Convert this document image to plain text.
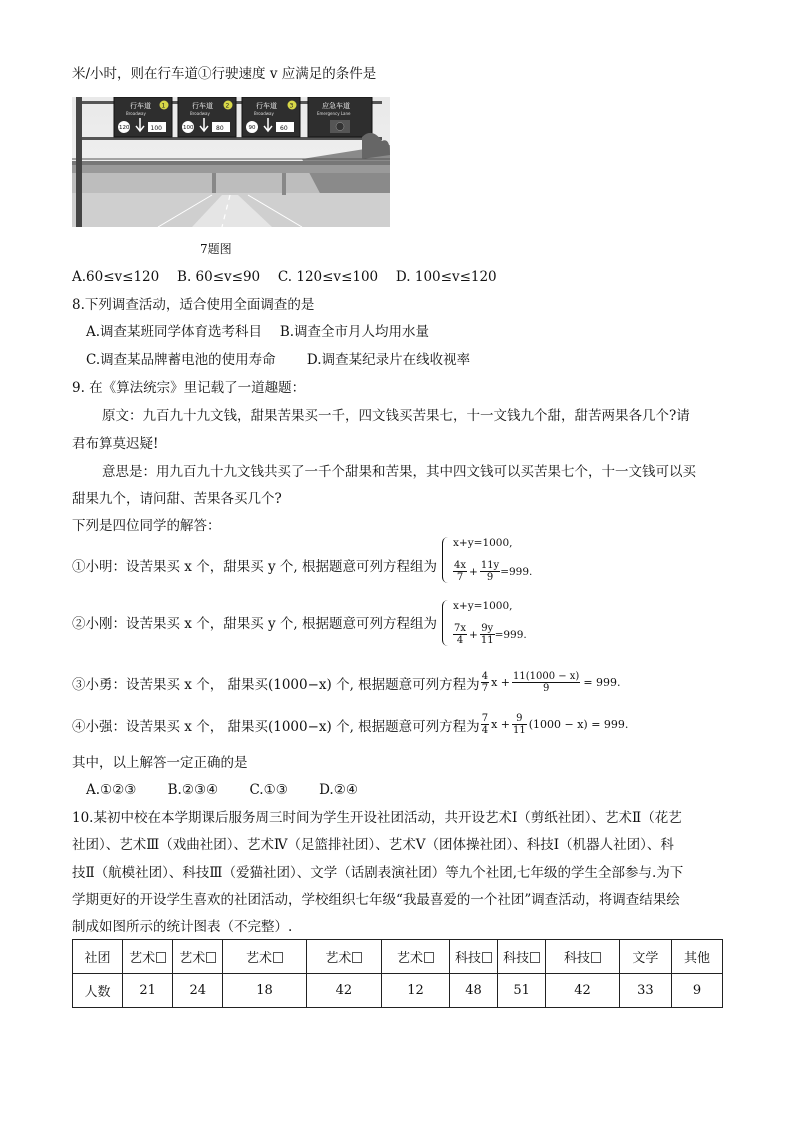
米/小时，则在行车道①行驶速度 v 应满足的条件是
行车道 1
Broadway
120	100
行车道 2
Broadway
100	80
行车道 3
Broadway
90	60
应急车道
Emergency Lane
7题图
A.60≤v≤120　 B. 60≤v≤90　 C. 120≤v≤100　 D. 100≤v≤120
8.下列调查活动，适合使用全面调查的是
A.调查某班同学体育选考科目　 B.调查全市月人均用水量
C.调查某品牌蓄电池的使用寿命　　 D.调查某纪录片在线收视率
9. 在《算法统宗》里记载了一道趣题：
原文：九百九十九文钱，甜果苦果买一千，四文钱买苦果七，十一文钱九个甜，甜苦两果各几个?请
君布算莫迟疑!
意思是：用九百九十九文钱共买了一千个甜果和苦果，其中四文钱可以买苦果七个，十一文钱可以买
甜果九个，请问甜、苦果各买几个?
下列是四位同学的解答：
①小明：设苦果买 x 个，甜果买 y 个, 根据题意可列方程组为
x+y=1000,
$\frac{4x}{7} + \frac{11y}{9} =999$.
②小刚：设苦果买 x 个，甜果买 y 个, 根据题意可列方程组为
x+y=1000,
$\frac{7x}{4} + \frac{9y}{11} =999$.
③小勇：设苦果买 x 个， 甜果买(1000−x) 个, 根据题意可列方程为 $\frac{4}{7}$ $x + \frac{11(1000 - x)}{9} = 999$.
④小强：设苦果买 x 个， 甜果买(1000−x) 个, 根据题意可列方程为 $\frac{7}{4}$ $x + \frac{9}{11} (1000 - x) = 999$.
其中，以上解答一定正确的是
A.①②③　　 B.②③④　　 C.①③　　 D.②④
10.某初中校在本学期课后服务周三时间为学生开设社团活动，共开设艺术Ⅰ（剪纸社团）、艺术Ⅱ（花艺
社团）、艺术Ⅲ（戏曲社团）、艺术Ⅳ（足篮排社团）、艺术Ⅴ（团体操社团）、科技Ⅰ（机器人社团）、科
技Ⅱ（航模社团）、科技Ⅲ（爱猫社团）、文学（话剧表演社团）等九个社团,七年级的学生全部参与.为下
学期更好的开设学生喜欢的社团活动，学校组织七年级“我最喜爱的一个社团”调查活动，将调查结果绘
制成如图所示的统计图表（不完整）.
社团	艺术	艺术	艺术	艺术	艺术	科技	科技	科技	文学	其他
人数	21	24	18	42	12	48	51	42	33	9
